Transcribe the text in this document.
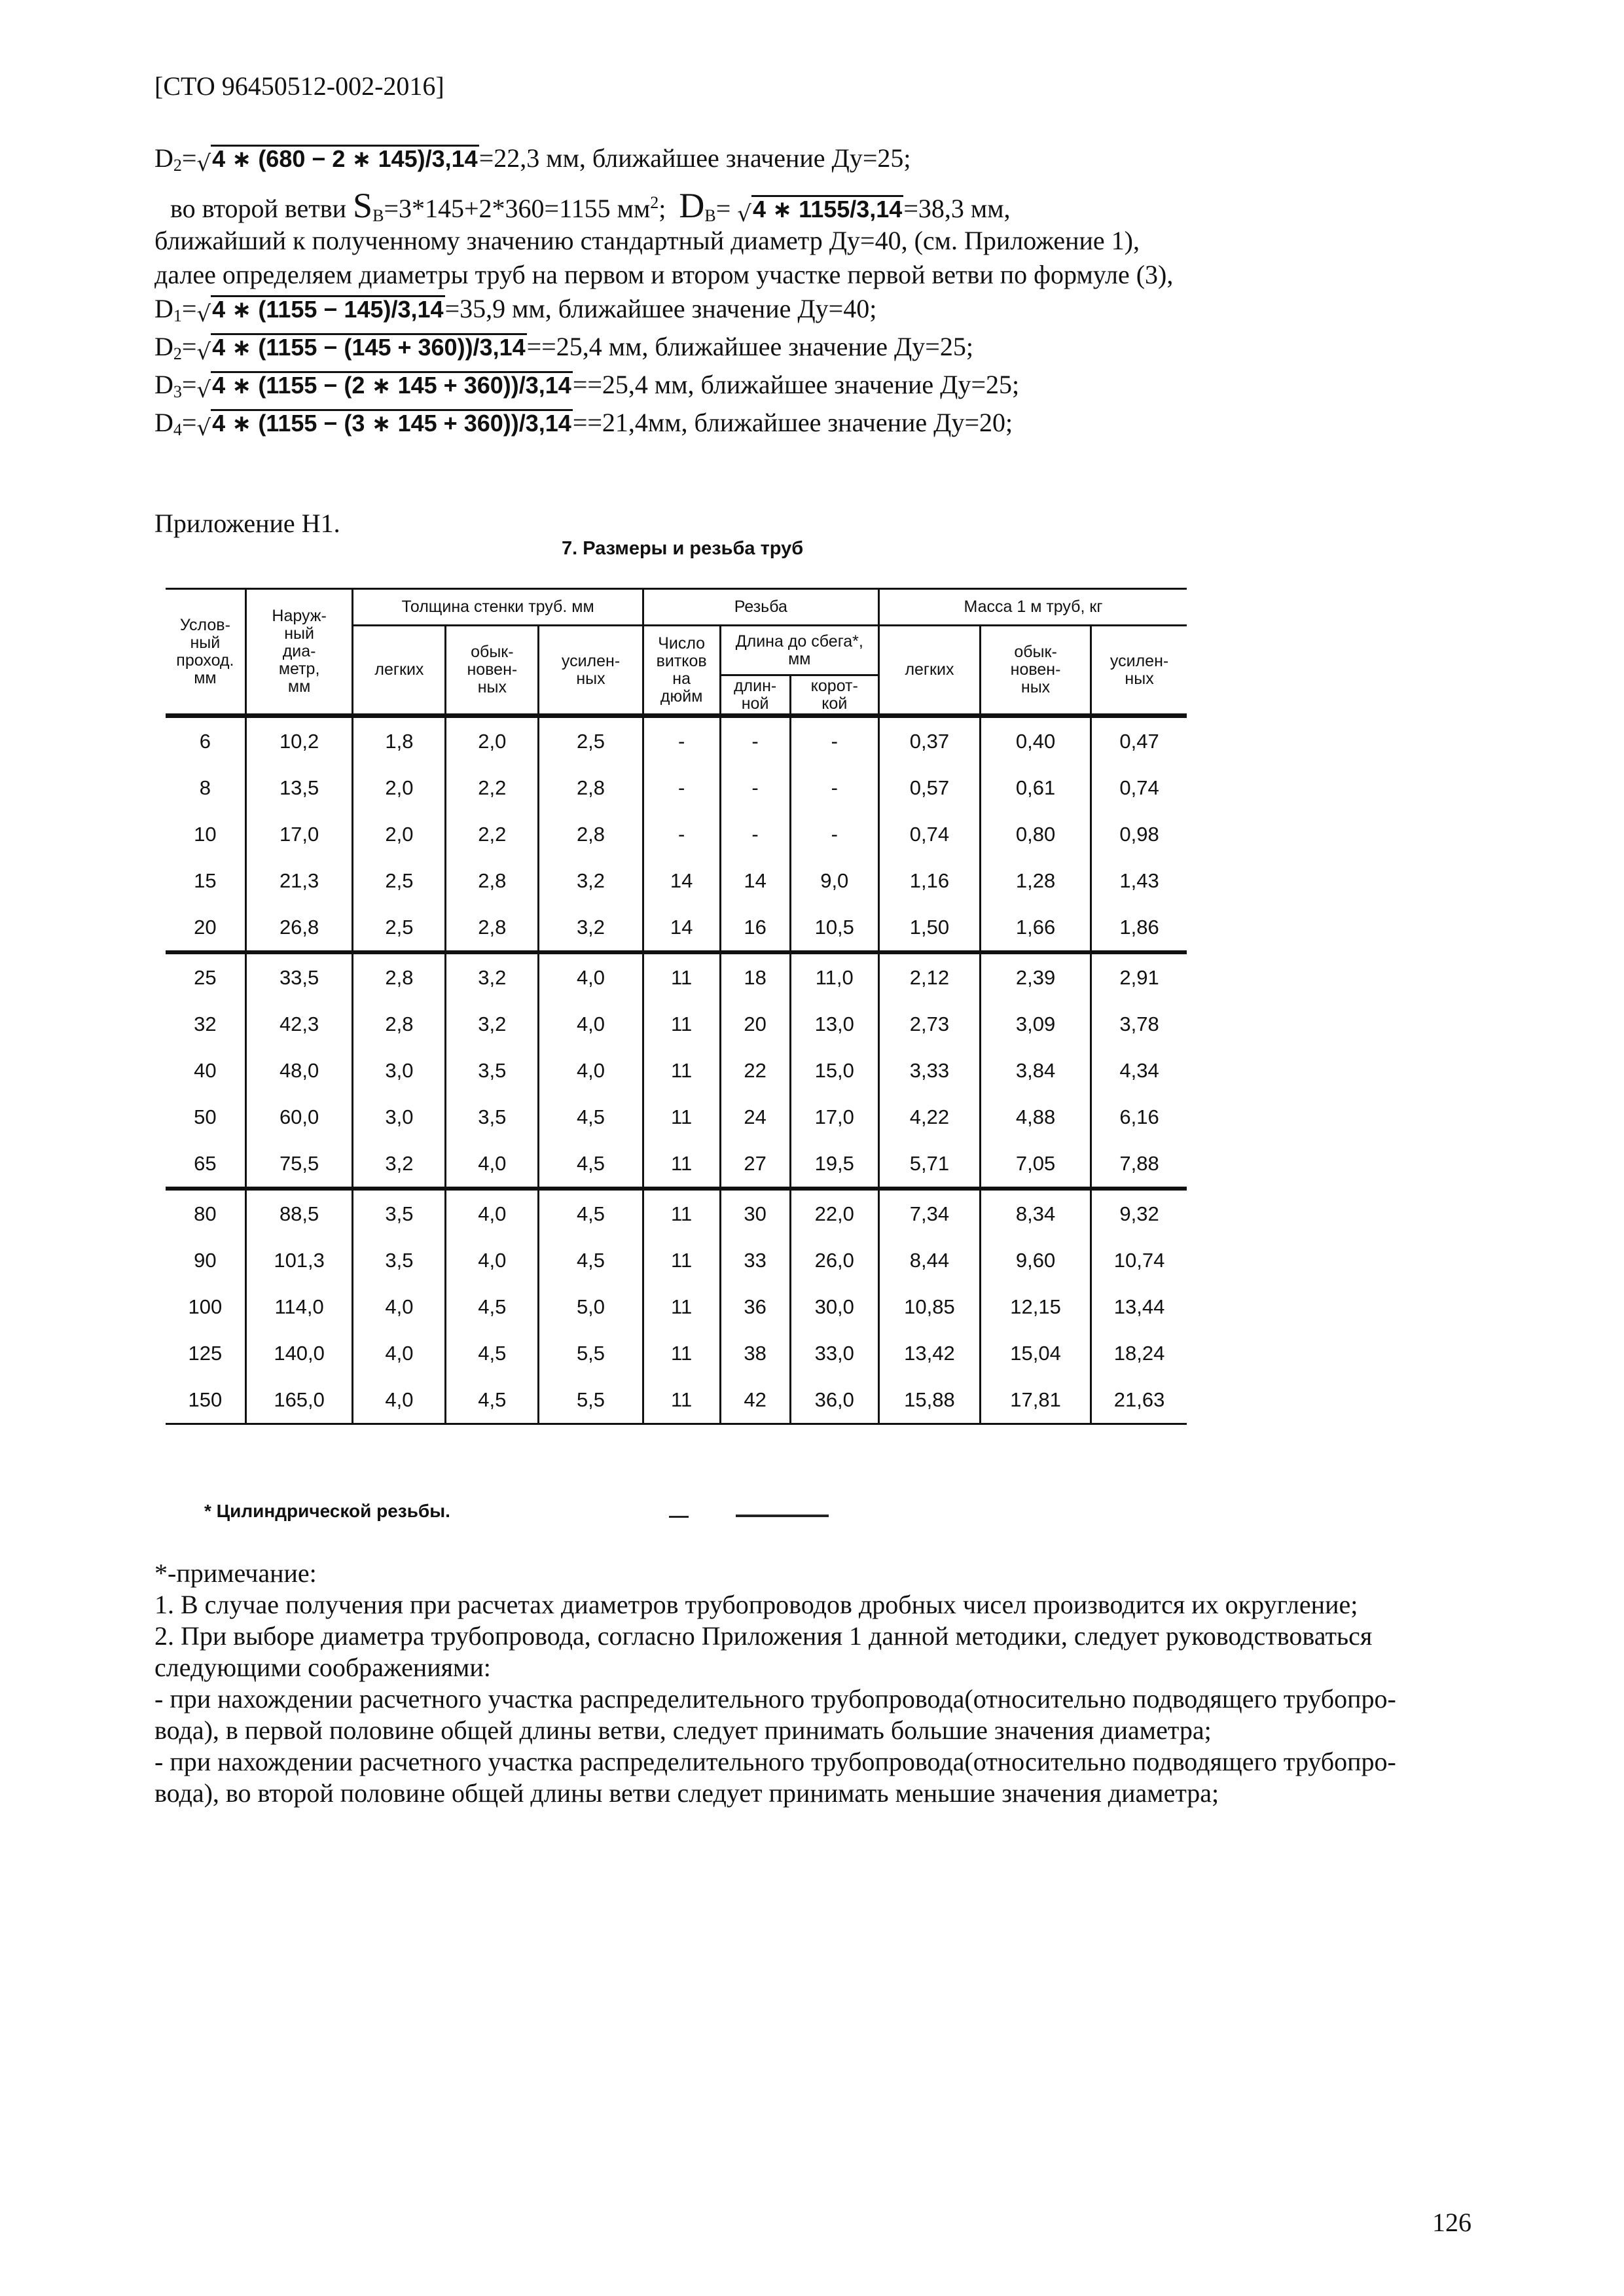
[СТО 96450512-002-2016]
$D_2=√4$ ∗ (680 − 2 ∗ 145)/3,14=22,3 мм, ближайшее значение Ду=25;
во второй ветви $S_В=3*145+2*360=1155$ $мм^2$; $D_В= √4$ ∗ 1155/3,14=38,3 мм,
ближайший к полученному значению стандартный диаметр Ду=40, (см. Приложение 1),
далее определяем диаметры труб на первом и втором участке первой ветви по формуле (3),
$D_1=√4$ ∗ (1155 − 145)/3,14=35,9 мм, ближайшее значение Ду=40;
$D_2=√4$ ∗ (1155 − (145 + 360))/3,14==25,4 мм, ближайшее значение Ду=25;
$D_3=√4$ ∗ (1155 − (2 ∗ 145 + 360))/3,14==25,4 мм, ближайшее значение Ду=25;
$D_4=√4$ ∗ (1155 − (3 ∗ 145 + 360))/3,14==21,4мм, ближайшее значение Ду=20;
Приложение Н1.
7. Размеры и резьба труб
Услов-
ный
проход.
мм	Наруж-
ный
диа-
метр,
мм	Толщина стенки труб. мм			Резьба			Масса 1 м труб, кг		
		легких	обык-
новен-
ных	усилен-
ных	Число
витков
на
дюйм	Длина до сбега*,
мм		легких	обык-
новен-
ных	усилен-
ных

						длин-
ной	корот-
кой			
6	10,2	1,8	2,0	2,5	-	-	-	0,37	0,40	0,47
8	13,5	2,0	2,2	2,8	-	-	-	0,57	0,61	0,74
10	17,0	2,0	2,2	2,8	-	-	-	0,74	0,80	0,98
15	21,3	2,5	2,8	3,2	14	14	9,0	1,16	1,28	1,43
20	26,8	2,5	2,8	3,2	14	16	10,5	1,50	1,66	1,86
25	33,5	2,8	3,2	4,0	11	18	11,0	2,12	2,39	2,91
32	42,3	2,8	3,2	4,0	11	20	13,0	2,73	3,09	3,78
40	48,0	3,0	3,5	4,0	11	22	15,0	3,33	3,84	4,34
50	60,0	3,0	3,5	4,5	11	24	17,0	4,22	4,88	6,16
65	75,5	3,2	4,0	4,5	11	27	19,5	5,71	7,05	7,88
80	88,5	3,5	4,0	4,5	11	30	22,0	7,34	8,34	9,32
90	101,3	3,5	4,0	4,5	11	33	26,0	8,44	9,60	10,74
100	114,0	4,0	4,5	5,0	11	36	30,0	10,85	12,15	13,44
125	140,0	4,0	4,5	5,5	11	38	33,0	13,42	15,04	18,24
150	165,0	4,0	4,5	5,5	11	42	36,0	15,88	17,81	21,63
* Цилиндрической резьбы.
*-примечание:
1. В случае получения при расчетах диаметров трубопроводов дробных чисел производится их округление;
2. При выборе диаметра трубопровода, согласно Приложения 1 данной методики, следует руководствоваться
следующими соображениями:
- при нахождении расчетного участка распределительного трубопровода(относительно подводящего трубопро-
вода), в первой половине общей длины ветви, следует принимать большие значения диаметра;
- при нахождении расчетного участка распределительного трубопровода(относительно подводящего трубопро-
вода), во второй половине общей длины ветви следует принимать меньшие значения диаметра;
126
